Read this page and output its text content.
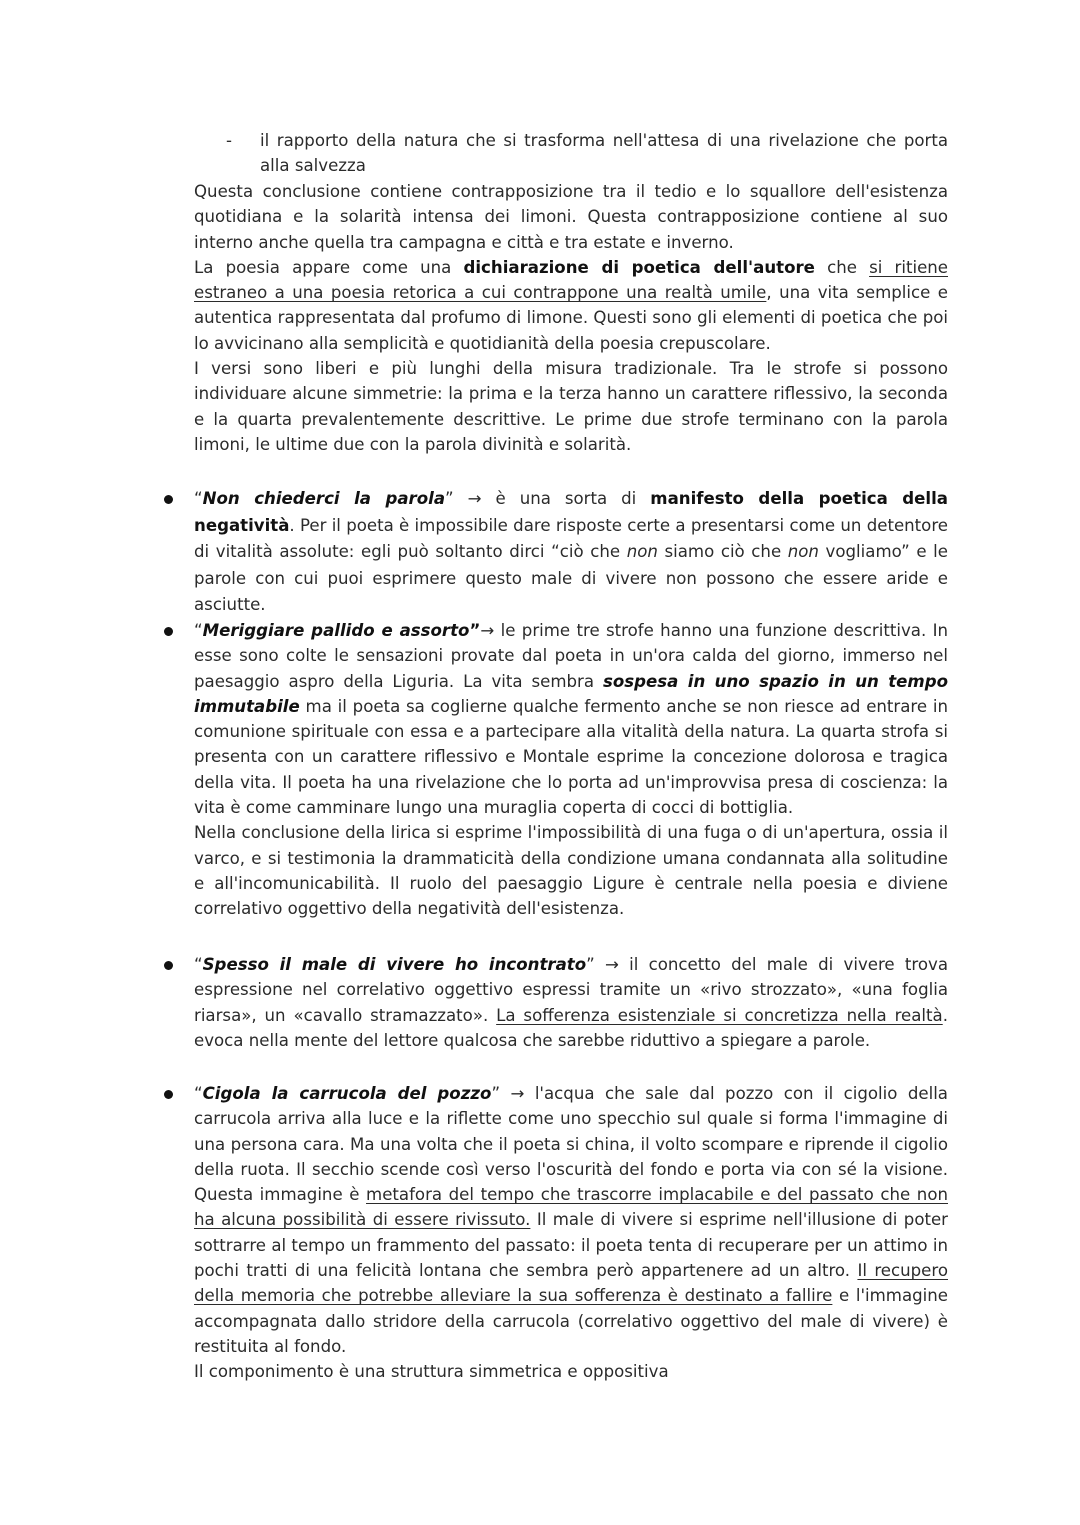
- il rapporto della natura che si trasforma nell'attesa di una rivelazione che porta alla salvezza

Questa conclusione contiene contrapposizione tra il tedio e lo squallore dell'esistenza quotidiana e la solarità intensa dei limoni. Questa contrapposizione contiene al suo interno anche quella tra campagna e città e tra estate e inverno.

La poesia appare come una dichiarazione di poetica dell'autore che si ritiene estraneo a una poesia retorica a cui contrappone una realtà umile, una vita semplice e autentica rappresentata dal profumo di limone. Questi sono gli elementi di poetica che poi lo avvicinano alla semplicità e quotidianità della poesia crepuscolare.

I versi sono liberi e più lunghi della misura tradizionale. Tra le strofe si possono individuare alcune simmetrie: la prima e la terza hanno un carattere riflessivo, la seconda e la quarta prevalentemente descrittive. Le prime due strofe terminano con la parola limoni, le ultime due con la parola divinità e solarità.

“Non chiederci la parola” → è una sorta di manifesto della poetica della negatività. Per il poeta è impossibile dare risposte certe a presentarsi come un detentore di vitalità assolute: egli può soltanto dirci “ciò che non siamo ciò che non vogliamo” e le parole con cui puoi esprimere questo male di vivere non possono che essere aride e asciutte.

“Meriggiare pallido e assorto”→ le prime tre strofe hanno una funzione descrittiva. In esse sono colte le sensazioni provate dal poeta in un'ora calda del giorno, immerso nel paesaggio aspro della Liguria. La vita sembra sospesa in uno spazio in un tempo immutabile ma il poeta sa coglierne qualche fermento anche se non riesce ad entrare in comunione spirituale con essa e a partecipare alla vitalità della natura. La quarta strofa si presenta con un carattere riflessivo e Montale esprime la concezione dolorosa e tragica della vita. Il poeta ha una rivelazione che lo porta ad un'improvvisa presa di coscienza: la vita è come camminare lungo una muraglia coperta di cocci di bottiglia.

Nella conclusione della lirica si esprime l'impossibilità di una fuga o di un'apertura, ossia il varco, e si testimonia la drammaticità della condizione umana condannata alla solitudine e all'incomunicabilità. Il ruolo del paesaggio Ligure è centrale nella poesia e diviene correlativo oggettivo della negatività dell'esistenza.

“Spesso il male di vivere ho incontrato” → il concetto del male di vivere trova espressione nel correlativo oggettivo espressi tramite un «rivo strozzato», «una foglia riarsa», un «cavallo stramazzato». La sofferenza esistenziale si concretizza nella realtà. evoca nella mente del lettore qualcosa che sarebbe riduttivo a spiegare a parole.

“Cigola la carrucola del pozzo” → l'acqua che sale dal pozzo con il cigolio della carrucola arriva alla luce e la riflette come uno specchio sul quale si forma l'immagine di una persona cara. Ma una volta che il poeta si china, il volto scompare e riprende il cigolio della ruota. Il secchio scende così verso l'oscurità del fondo e porta via con sé la visione. Questa immagine è metafora del tempo che trascorre implacabile e del passato che non ha alcuna possibilità di essere rivissuto. Il male di vivere si esprime nell'illusione di poter sottrarre al tempo un frammento del passato: il poeta tenta di recuperare per un attimo in pochi tratti di una felicità lontana che sembra però appartenere ad un altro. Il recupero della memoria che potrebbe alleviare la sua sofferenza è destinato a fallire e l'immagine accompagnata dallo stridore della carrucola (correlativo oggettivo del male di vivere) è restituita al fondo.

Il componimento è una struttura simmetrica e oppositiva
